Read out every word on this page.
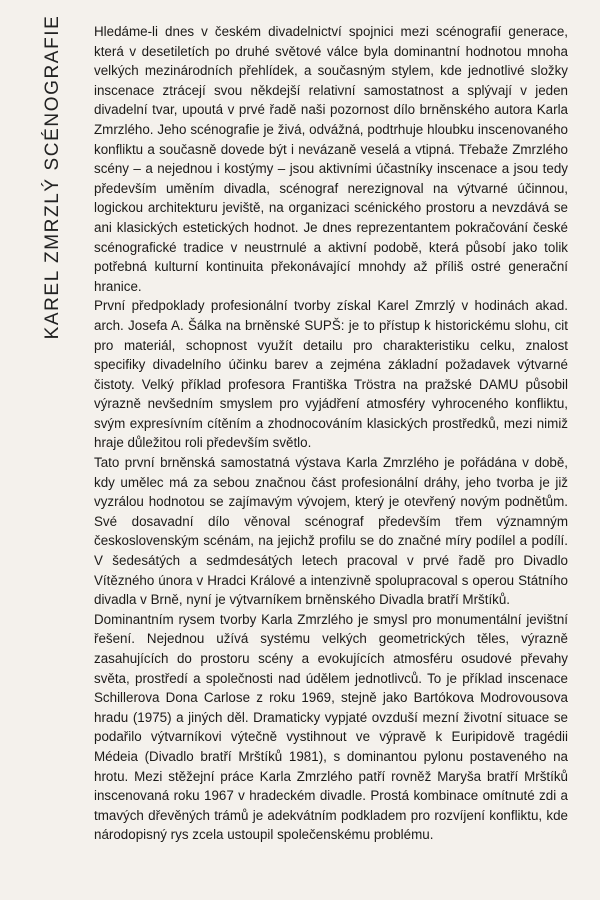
KAREL ZMRZLÝ SCÉNOGRAFIE Hledáme-li dnes v českém divadelnictví spojnici mezi scénografií generace, která v desetiletích po druhé světové válce byla dominantní hodnotou mnoha velkých mezinárodních přehlídek, a současným stylem, kde jednotlivé složky inscenace ztrácejí svou někdejší relativní samostatnost a splývají v jeden divadelní tvar, upoutá v prvé řadě naši pozornost dílo brněnského autora Karla Zmrzlého. Jeho scénografie je živá, odvážná, podtrhuje hloubku inscenovaného konfliktu a současně dovede být i nevázaně veselá a vtipná. Třebaže Zmrzlého scény – a nejednou i kostýmy – jsou aktivními účastníky inscenace a jsou tedy především uměním divadla, scénograf nerezignoval na výtvarné účinnou, logickou architekturu jeviště, na organizaci scénického prostoru a nevzdává se ani klasických estetických hodnot. Je dnes reprezentantem pokračování české scénografické tradice v neustrnulé a aktivní podobě, která působí jako tolik potřebná kulturní kontinuita překonávající mnohdy až příliš ostré generační hranice.

První předpoklady profesionální tvorby získal Karel Zmrzlý v hodinách akad. arch. Josefa A. Šálka na brněnské SUPŠ: je to přístup k historickému slohu, cit pro materiál, schopnost využít detailu pro charakteristiku celku, znalost specifiky divadelního účinku barev a zejména základní požadavek výtvarné čistoty. Velký příklad profesora Františka Tröstra na pražské DAMU působil výrazně nevšedním smyslem pro vyjádření atmosféry vyhroceného konfliktu, svým expresívním cítěním a zhodnocováním klasických prostředků, mezi nimiž hraje důležitou roli především světlo.

Tato první brněnská samostatná výstava Karla Zmrzlého je pořádána v době, kdy umělec má za sebou značnou část profesionální dráhy, jeho tvorba je již vyzrálou hodnotou se zajímavým vývojem, který je otevřený novým podnětům. Své dosavadní dílo věnoval scénograf především třem významným československým scénám, na jejichž profilu se do značné míry podílel a podílí. V šedesátých a sedmdesátých letech pracoval v prvé řadě pro Divadlo Vítězného února v Hradci Králové a intenzivně spolupracoval s operou Státního divadla v Brně, nyní je výtvarníkem brněnského Divadla bratří Mrštíků.

Dominantním rysem tvorby Karla Zmrzlého je smysl pro monumentální jevištní řešení. Nejednou užívá systému velkých geometrických těles, výrazně zasahujících do prostoru scény a evokujících atmosféru osudové převahy světa, prostředí a společnosti nad údělem jednotlivců. To je příklad inscenace Schillerova Dona Carlose z roku 1969, stejně jako Bartókova Modrovousova hradu (1975) a jiných děl. Dramaticky vypjaté ovzduší mezní životní situace se podařilo výtvarníkovi výtečně vystihnout ve výpravě k Euripidově tragédii Médeia (Divadlo bratří Mrštíků 1981), s dominantou pylonu postaveného na hrotu. Mezi stěžejní práce Karla Zmrzlého patří rovněž Maryša bratří Mrštíků inscenovaná roku 1967 v hradeckém divadle. Prostá kombinace omítnuté zdi a tmavých dřevěných trámů je adekvátním podkladem pro rozvíjení konfliktu, kde národopisný rys zcela ustoupil společenskému problému.
